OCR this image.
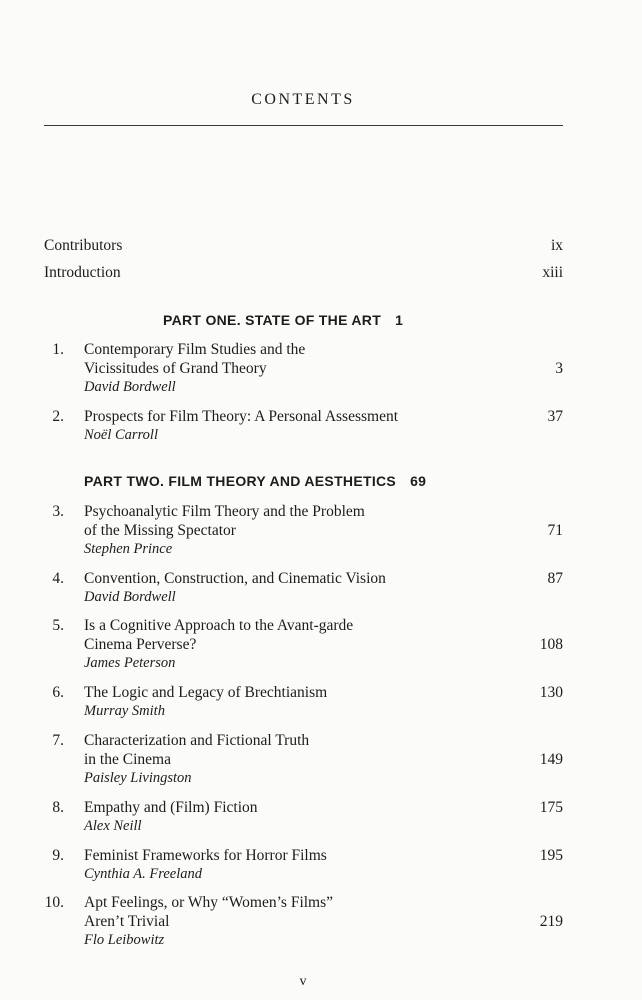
CONTENTS
Contributors	ix
Introduction	xiii
PART ONE. STATE OF THE ART 1
1. Contemporary Film Studies and the
Vicissitudes of Grand Theory
David Bordwell
3
2. Prospects for Film Theory: A Personal Assessment
Noël Carroll
37
PART TWO. FILM THEORY AND AESTHETICS 69
3. Psychoanalytic Film Theory and the Problem
of the Missing Spectator
Stephen Prince
71
4. Convention, Construction, and Cinematic Vision
David Bordwell
87
5. Is a Cognitive Approach to the Avant-garde
Cinema Perverse?
James Peterson
108
6. The Logic and Legacy of Brechtianism
Murray Smith
130
7. Characterization and Fictional Truth
in the Cinema
Paisley Livingston
149
8. Empathy and (Film) Fiction
Alex Neill
175
9. Feminist Frameworks for Horror Films
Cynthia A. Freeland
195
10. Apt Feelings, or Why “Women’s Films”
Aren’t Trivial
Flo Leibowitz
219
v
